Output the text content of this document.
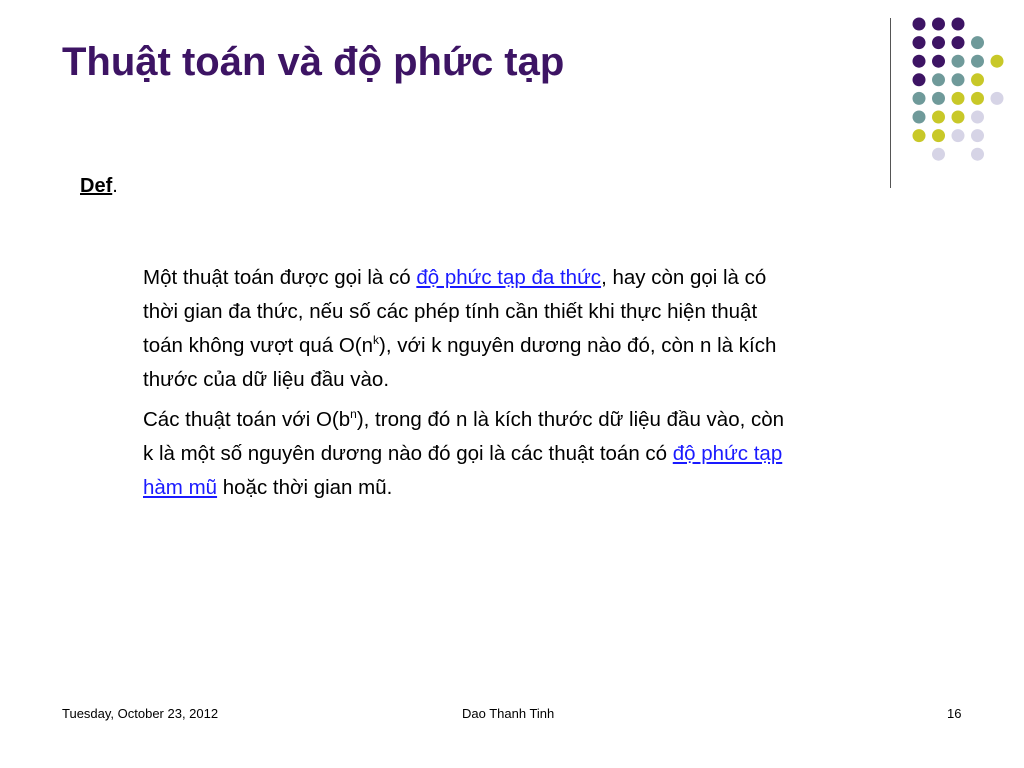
Thuật toán và độ phức tạp
Def.

Một thuật toán được gọi là có độ phức tạp đa thức, hay còn gọi là có thời gian đa thức, nếu số các phép tính cần thiết khi thực hiện thuật toán không vượt quá $O(n^k)$, với k nguyên dương nào đó, còn n là kích thước của dữ liệu đầu vào.

Các thuật toán với $O(b^n)$, trong đó n là kích thước dữ liệu đầu vào, còn k là một số nguyên dương nào đó gọi là các thuật toán có độ phức tạp hàm mũ hoặc thời gian mũ.

Tuesday, October 23, 2012	Dao Thanh Tinh	16
